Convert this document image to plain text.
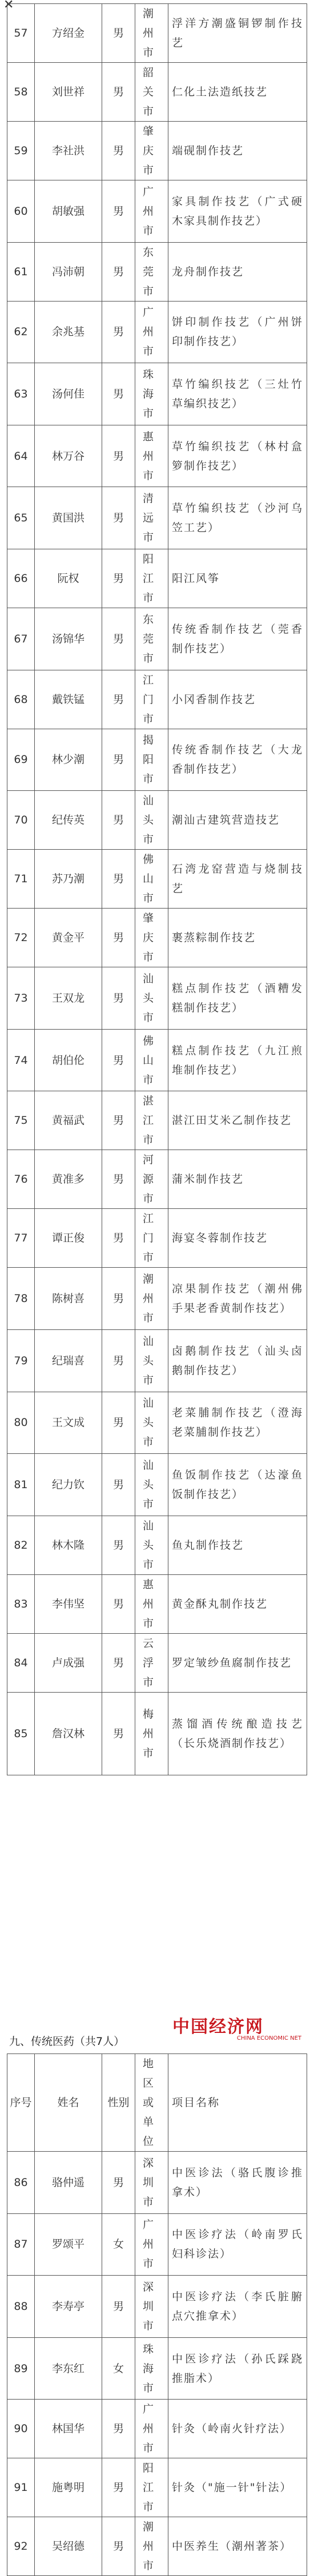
✕
57	方绍金	男	潮州市	浮洋方潮盛铜锣制作技艺
58	刘世祥	男	韶关市	仁化土法造纸技艺
59	李社洪	男	肇庆市	端砚制作技艺
60	胡敏强	男	广州市	家具制作技艺（广式硬木家具制作技艺）
61	冯沛朝	男	东莞市	龙舟制作技艺
62	余兆基	男	广州市	饼印制作技艺（广州饼印制作技艺）
63	汤何佳	男	珠海市	草竹编织技艺（三灶竹草编织技艺）
64	林万谷	男	惠州市	草竹编织技艺（林村盒箩制作技艺）
65	黄国洪	男	清远市	草竹编织技艺（沙河乌笠工艺）
66	阮权	男	阳江市	阳江风筝
67	汤锦华	男	东莞市	传统香制作技艺（莞香制作技艺）
68	戴铁锰	男	江门市	小冈香制作技艺
69	林少潮	男	揭阳市	传统香制作技艺（大龙香制作技艺）
70	纪传英	男	汕头市	潮汕古建筑营造技艺
71	苏乃潮	男	佛山市	石湾龙窑营造与烧制技艺
72	黄金平	男	肇庆市	裹蒸粽制作技艺
73	王双龙	男	汕头市	糕点制作技艺（酒糟发糕制作技艺）
74	胡伯伦	男	佛山市	糕点制作技艺（九江煎堆制作技艺）
75	黄福武	男	湛江市	湛江田艾米乙制作技艺
76	黄准多	男	河源市	蒲米制作技艺
77	谭正俊	男	江门市	海宴冬蓉制作技艺
78	陈树喜	男	潮州市	凉果制作技艺（潮州佛手果老香黄制作技艺）
79	纪瑞喜	男	汕头市	卤鹅制作技艺（汕头卤鹅制作技艺）
80	王文成	男	汕头市	老菜脯制作技艺（澄海老菜脯制作技艺）
81	纪力钦	男	汕头市	鱼饭制作技艺（达濠鱼饭制作技艺）
82	林木隆	男	汕头市	鱼丸制作技艺
83	李伟坚	男	惠州市	黄金酥丸制作技艺
84	卢成强	男	云浮市	罗定皱纱鱼腐制作技艺
85	詹汉林	男	梅州市	蒸馏酒传统酿造技艺（长乐烧酒制作技艺）
九、传统医药（共7人）
中国经济网
CHINA ECONOMIC NET
序号	姓名	性别	地区或单位	项目名称
86	骆仲遥	男	深圳市	中医诊法（骆氏腹诊推拿术）
87	罗颂平	女	广州市	中医诊疗法（岭南罗氏妇科诊法）
88	李寿亭	男	深圳市	中医诊疗法（李氏脏腑点穴推拿术）
89	李东红	女	珠海市	中医诊疗法（孙氏踩跷推脂术）
90	林国华	男	广州市	针灸（岭南火针疗法）
91	施粤明	男	阳江市	针灸（"施一针"针法）
92	吴绍德	男	潮州市	中医养生（潮州著茶）
